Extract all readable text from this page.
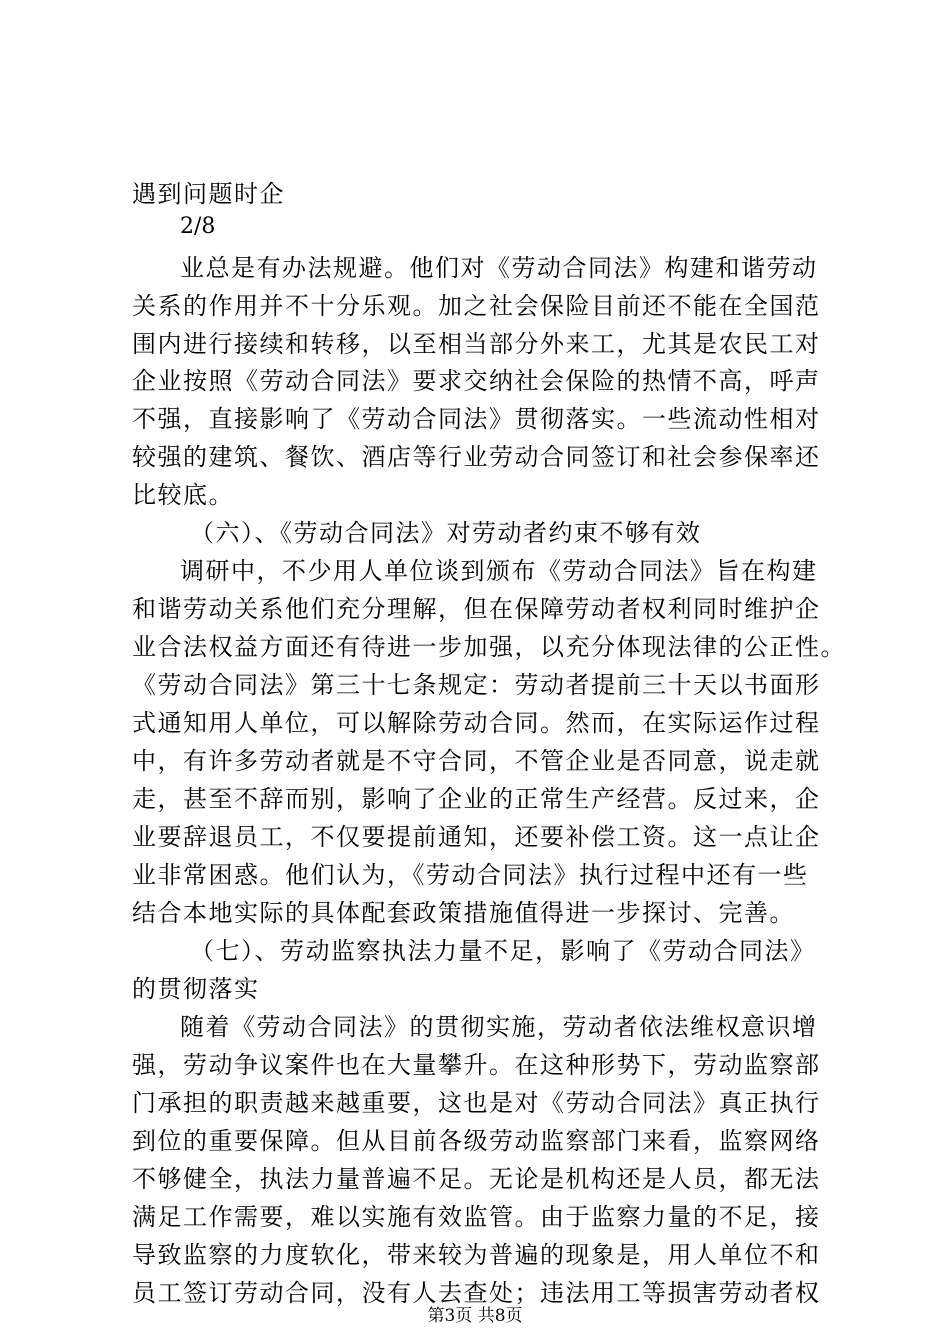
遇到问题时企
2/8
业总是有办法规避。他们对《劳动合同法》构建和谐劳动
关系的作用并不十分乐观。加之社会保险目前还不能在全国范
围内进行接续和转移，以至相当部分外来工，尤其是农民工对
企业按照《劳动合同法》要求交纳社会保险的热情不高，呼声
不强，直接影响了《劳动合同法》贯彻落实。一些流动性相对
较强的建筑、餐饮、酒店等行业劳动合同签订和社会参保率还
比较底。
（六）、《劳动合同法》对劳动者约束不够有效
调研中，不少用人单位谈到颁布《劳动合同法》旨在构建
和谐劳动关系他们充分理解，但在保障劳动者权利同时维护企
业合法权益方面还有待进一步加强，以充分体现法律的公正性。
《劳动合同法》第三十七条规定：劳动者提前三十天以书面形
式通知用人单位，可以解除劳动合同。然而，在实际运作过程
中，有许多劳动者就是不守合同，不管企业是否同意，说走就
走，甚至不辞而别，影响了企业的正常生产经营。反过来，企
业要辞退员工，不仅要提前通知，还要补偿工资。这一点让企
业非常困惑。他们认为，《劳动合同法》执行过程中还有一些
结合本地实际的具体配套政策措施值得进一步探讨、完善。
（七）、劳动监察执法力量不足，影响了《劳动合同法》
的贯彻落实
随着《劳动合同法》的贯彻实施，劳动者依法维权意识增
强，劳动争议案件也在大量攀升。在这种形势下，劳动监察部
门承担的职责越来越重要，这也是对《劳动合同法》真正执行
到位的重要保障。但从目前各级劳动监察部门来看，监察网络
不够健全，执法力量普遍不足。无论是机构还是人员，都无法
满足工作需要，难以实施有效监管。由于监察力量的不足，接
导致监察的力度软化，带来较为普遍的现象是，用人单位不和
员工签订劳动合同，没有人去查处；违法用工等损害劳动者权
第3页 共8页
